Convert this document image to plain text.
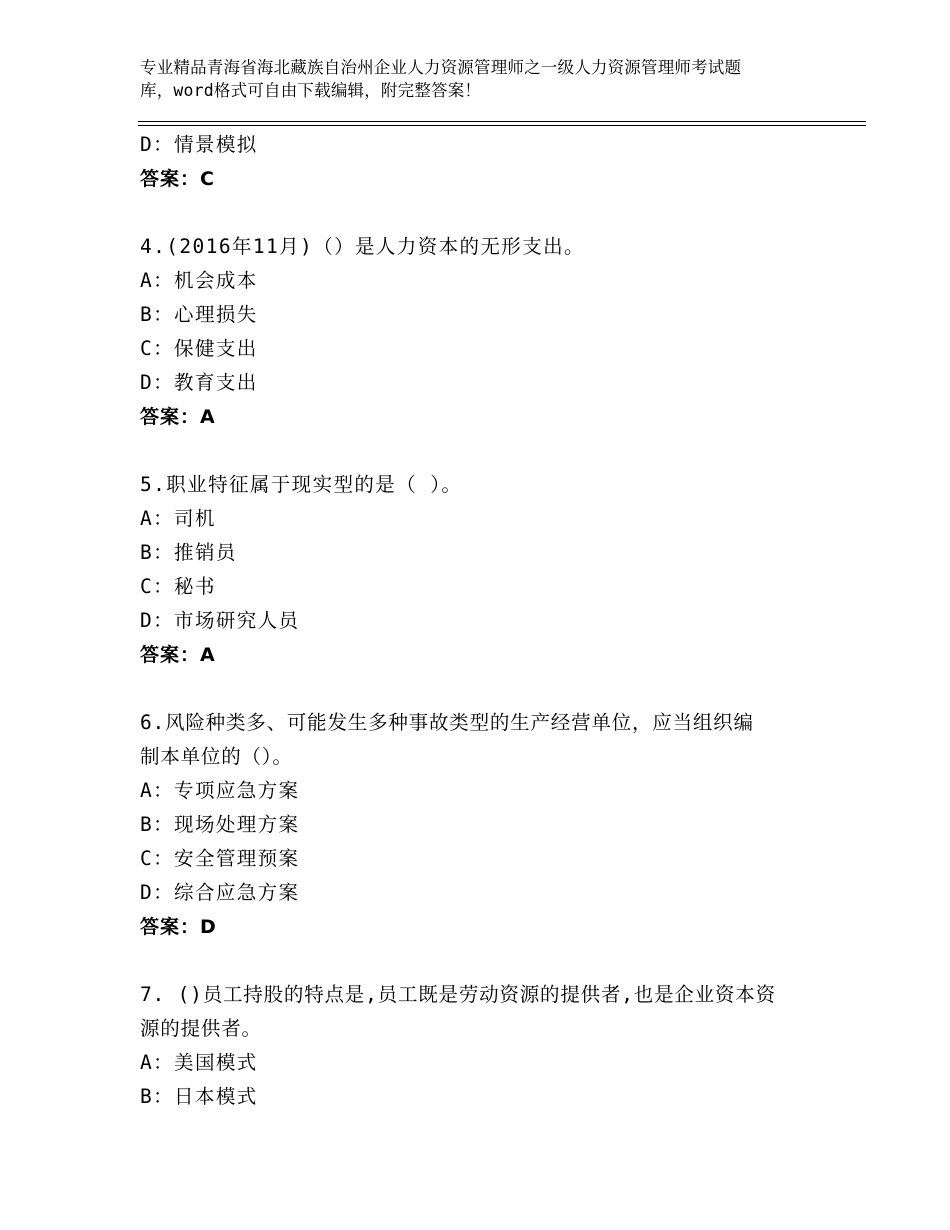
专业精品青海省海北藏族自治州企业人力资源管理师之一级人力资源管理师考试题
库，word格式可自由下载编辑，附完整答案！
D：情景模拟
答案：C
4.(2016年11月)（）是人力资本的无形支出。
A：机会成本
B：心理损失
C：保健支出
D：教育支出
答案：A
5.职业特征属于现实型的是（ ）。
A：司机
B：推销员
C：秘书
D：市场研究人员
答案：A
6.风险种类多、可能发生多种事故类型的生产经营单位，应当组织编
制本单位的（）。
A：专项应急方案
B：现场处理方案
C：安全管理预案
D：综合应急方案
答案：D
7. ()员工持股的特点是,员工既是劳动资源的提供者,也是企业资本资
源的提供者。
A：美国模式
B：日本模式
